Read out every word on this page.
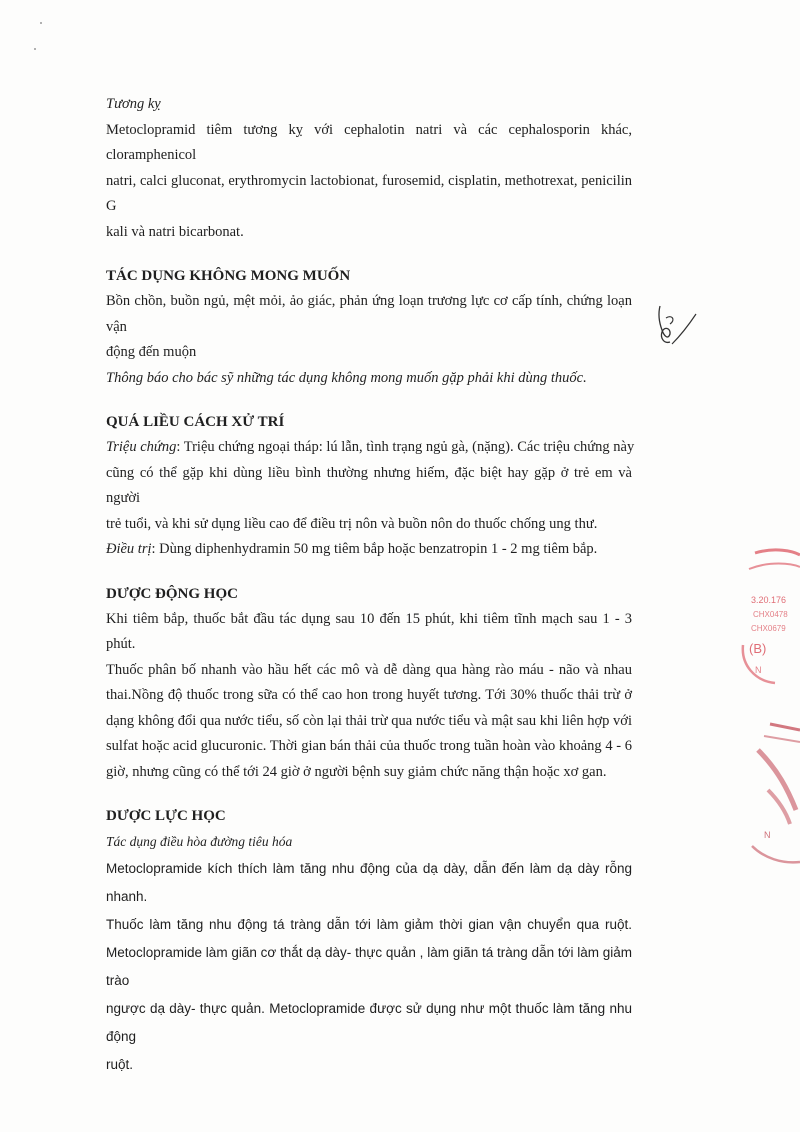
Tương kỵ
Metoclopramid tiêm tương kỵ với cephalotin natri và các cephalosporin khác, cloramphenicol
natri, calci gluconat, erythromycin lactobionat, furosemid, cisplatin, methotrexat, penicilin G
kali và natri bicarbonat.
TÁC DỤNG KHÔNG MONG MUỐN
Bồn chồn, buồn ngủ, mệt mỏi, ảo giác, phản ứng loạn trương lực cơ cấp tính, chứng loạn vận
động đến muộn
Thông báo cho bác sỹ những tác dụng không mong muốn gặp phải khi dùng thuốc.
QUÁ LIỀU CÁCH XỬ TRÍ
Triệu chứng: Triệu chứng ngoại tháp: lú lẫn, tình trạng ngủ gà, (nặng). Các triệu chứng này
cũng có thể gặp khi dùng liều bình thường nhưng hiếm, đặc biệt hay gặp ở trẻ em và người
trẻ tuổi, và khi sử dụng liều cao để điều trị nôn và buồn nôn do thuốc chống ung thư.
Điều trị: Dùng diphenhydramin 50 mg tiêm bắp hoặc benzatropin 1 - 2 mg tiêm bắp.
DƯỢC ĐỘNG HỌC
Khi tiêm bắp, thuốc bắt đầu tác dụng sau 10 đến 15 phút, khi tiêm tĩnh mạch sau 1 - 3 phút.
Thuốc phân bố nhanh vào hầu hết các mô và dễ dàng qua hàng rào máu - não và nhau
thai.Nồng độ thuốc trong sữa có thể cao hon trong huyết tương. Tới 30% thuốc thải trừ ở
dạng không đổi qua nước tiểu, số còn lại thải trừ qua nước tiểu và mật sau khi liên hợp với
sulfat hoặc acid glucuronic. Thời gian bán thải của thuốc trong tuần hoàn vào khoảng 4 - 6
giờ, nhưng cũng có thể tới 24 giờ ở người bệnh suy giảm chức năng thận hoặc xơ gan.
DƯỢC LỰC HỌC
Tác dụng điều hòa đường tiêu hóa
Metoclopramide kích thích làm tăng nhu động của dạ dày, dẫn đến làm dạ dày rỗng nhanh.
Thuốc làm tăng nhu động tá tràng dẫn tới làm giảm thời gian vận chuyển qua ruột.
Metoclopramide làm giãn cơ thắt dạ dày- thực quản , làm giãn tá tràng dẫn tới làm giảm trào
ngược dạ dày- thực quản. Metoclopramide được sử dụng như một thuốc làm tăng nhu động
ruột.
3.20.176
CHX0478
CHX0679
(B)
N
N
